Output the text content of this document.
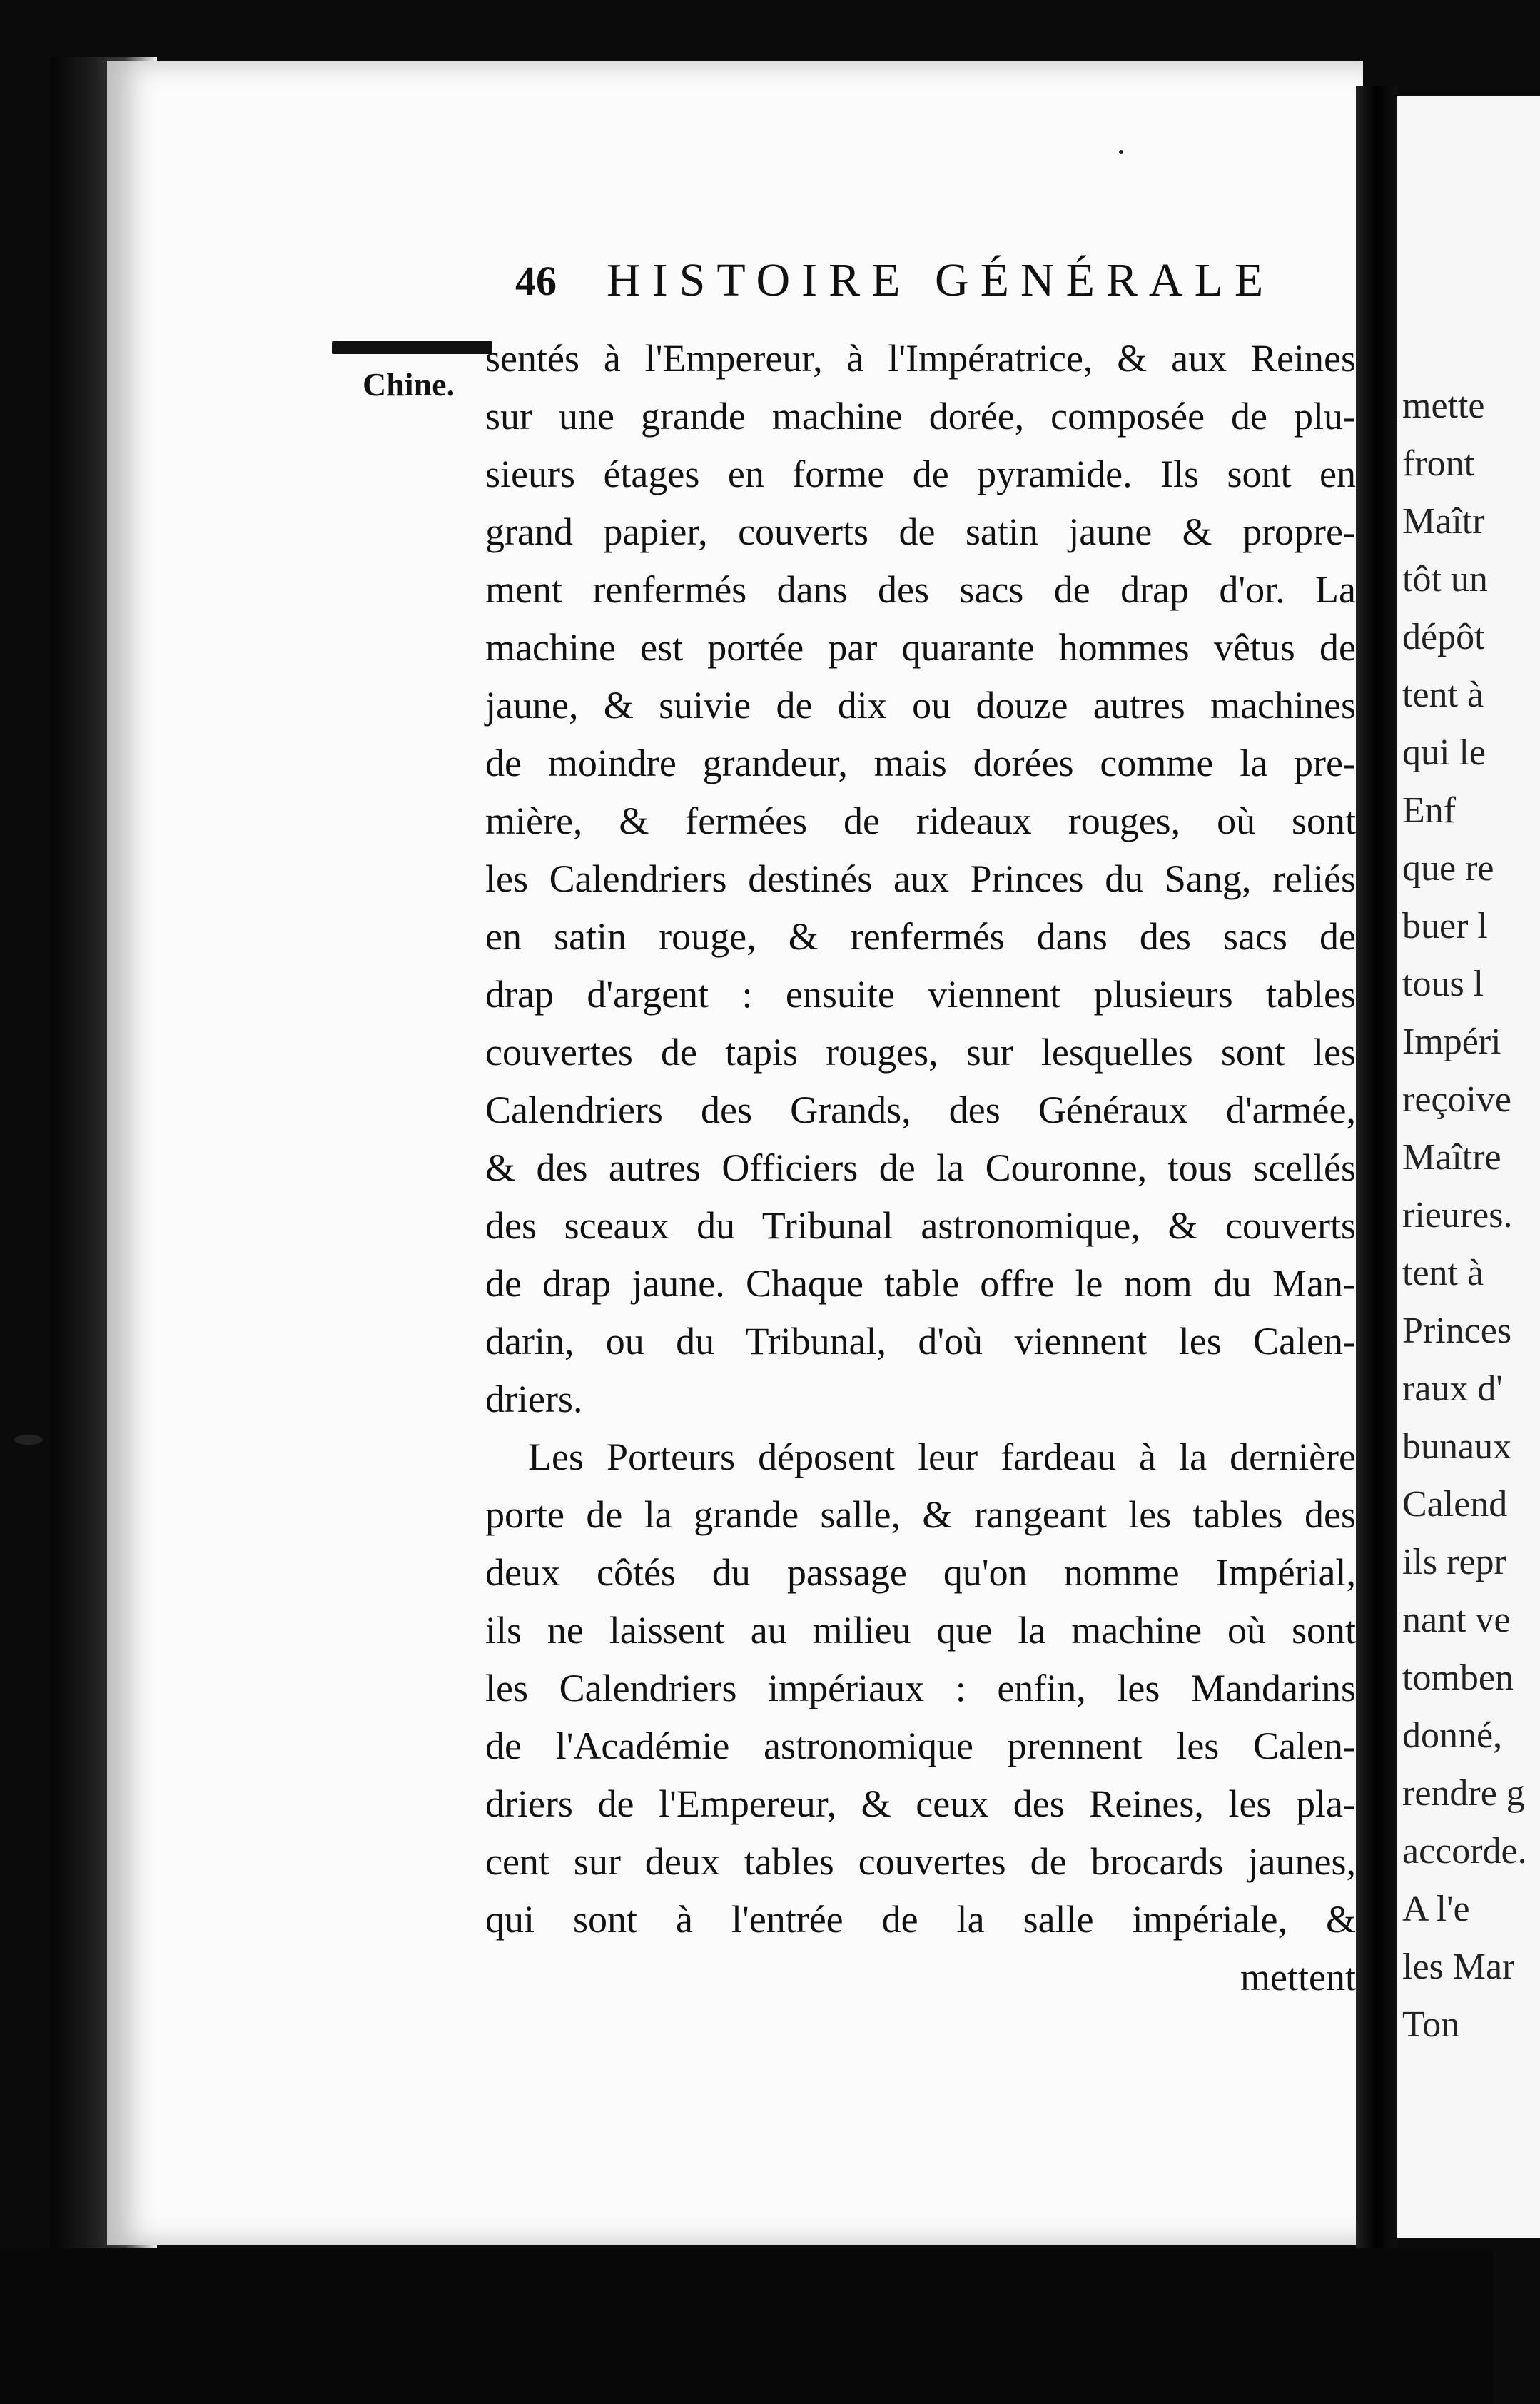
46 HISTOIRE GÉNÉRALE
Chine.
sentés à l'Empereur, à l'Impératrice, & aux Reines
sur une grande machine dorée, composée de plu-
sieurs étages en forme de pyramide. Ils sont en
grand papier, couverts de satin jaune & propre-
ment renfermés dans des sacs de drap d'or. La
machine est portée par quarante hommes vêtus de
jaune, & suivie de dix ou douze autres machines
de moindre grandeur, mais dorées comme la pre-
mière, & fermées de rideaux rouges, où sont
les Calendriers destinés aux Princes du Sang, reliés
en satin rouge, & renfermés dans des sacs de
drap d'argent : ensuite viennent plusieurs tables
couvertes de tapis rouges, sur lesquelles sont les
Calendriers des Grands, des Généraux d'armée,
& des autres Officiers de la Couronne, tous scellés
des sceaux du Tribunal astronomique, & couverts
de drap jaune. Chaque table offre le nom du Man-
darin, ou du Tribunal, d'où viennent les Calen-
driers.
Les Porteurs déposent leur fardeau à la dernière
porte de la grande salle, & rangeant les tables des
deux côtés du passage qu'on nomme Impérial,
ils ne laissent au milieu que la machine où sont
les Calendriers impériaux : enfin, les Mandarins
de l'Académie astronomique prennent les Calen-
driers de l'Empereur, & ceux des Reines, les pla-
cent sur deux tables couvertes de brocards jaunes,
qui sont à l'entrée de la salle impériale, &
mettent
mette
front
Maîtr
tôt un
dépôt
tent à
qui le
Enf
que re
buer l
tous l
Impéri
reçoive
Maître
rieures.
tent à
Princes
raux d'
bunaux
Calend
ils repr
nant ve
tomben
donné,
rendre g
accorde.
A l'e
les Mar
Ton
